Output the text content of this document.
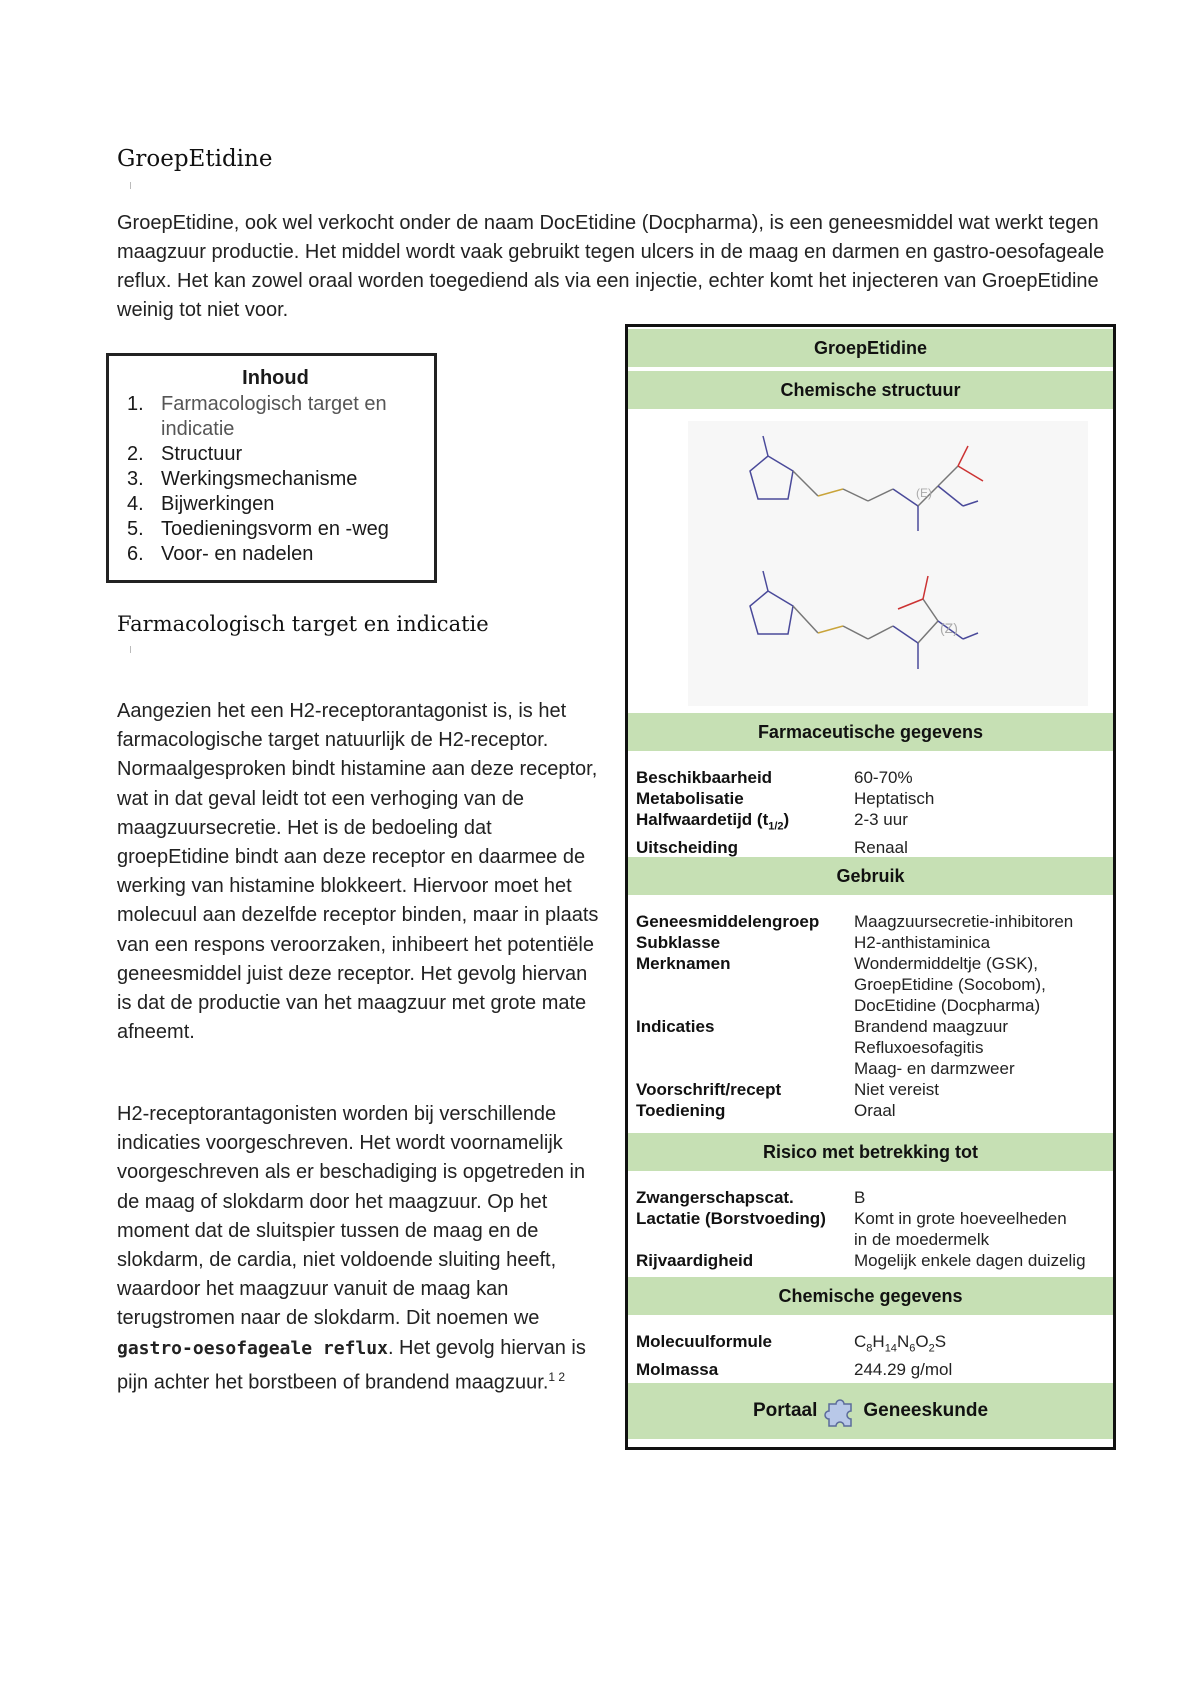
GroepEtidine
GroepEtidine, ook wel verkocht onder de naam DocEtidine (Docpharma), is een geneesmiddel wat werkt tegen maagzuur productie. Het middel wordt vaak gebruikt tegen ulcers in de maag en darmen en gastro-oesofageale reflux. Het kan zowel oraal worden toegediend als via een injectie, echter komt het injecteren van GroepEtidine weinig tot niet voor.
Inhoud
1. Farmacologisch target en indicatie
2. Structuur
3. Werkingsmechanisme
4. Bijwerkingen
5. Toedieningsvorm en -weg
6. Voor- en nadelen
Farmacologisch target en indicatie
Aangezien het een H2-receptorantagonist is, is het farmacologische target natuurlijk de H2-receptor. Normaalgesproken bindt histamine aan deze receptor, wat in dat geval leidt tot een verhoging van de maagzuursecretie. Het is de bedoeling dat groepEtidine bindt aan deze receptor en daarmee de werking van histamine blokkeert. Hiervoor moet het molecuul aan dezelfde receptor binden, maar in plaats van een respons veroorzaken, inhibeert het potentiële geneesmiddel juist deze receptor. Het gevolg hiervan is dat de productie van het maagzuur met grote mate afneemt.
H2-receptorantagonisten worden bij verschillende indicaties voorgeschreven. Het wordt voornamelijk voorgeschreven als er beschadiging is opgetreden in de maag of slokdarm door het maagzuur. Op het moment dat de sluitspier tussen de maag en de slokdarm, de cardia, niet voldoende sluiting heeft, waardoor het maagzuur vanuit de maag kan terugstromen naar de slokdarm. Dit noemen we gastro-oesofageale reflux. Het gevolg hiervan is pijn achter het borstbeen of brandend maagzuur.$^{1 2}$
GroepEtidine
Chemische structuur
(E)
(Z)
Farmaceutische gegevens
Beschikbaarheid	60-70%
Metabolisatie	Heptatisch
Halfwaardetijd $(t_{1/2})$	2-3 uur
Uitscheiding	Renaal
Gebruik
Geneesmiddelengroep	Maagzuursecretie-inhibitoren
Subklasse	H2-anthistaminica
Merknamen	Wondermiddeltje (GSK),
GroepEtidine (Socobom),
DocEtidine (Docpharma)
Indicaties	Brandend maagzuur
Refluxoesofagitis
Maag- en darmzweer
Voorschrift/recept	Niet vereist
Toediening	Oraal
Risico met betrekking tot
Zwangerschapscat.	B
Lactatie (Borstvoeding)	Komt in grote hoeveelheden
in de moedermelk
Rijvaardigheid	Mogelijk enkele dagen duizelig
Chemische gegevens
Molecuulformule	$C_8H_{14}N_6O_2S$
Molmassa	244.29 g/mol
Portaal Geneeskunde
